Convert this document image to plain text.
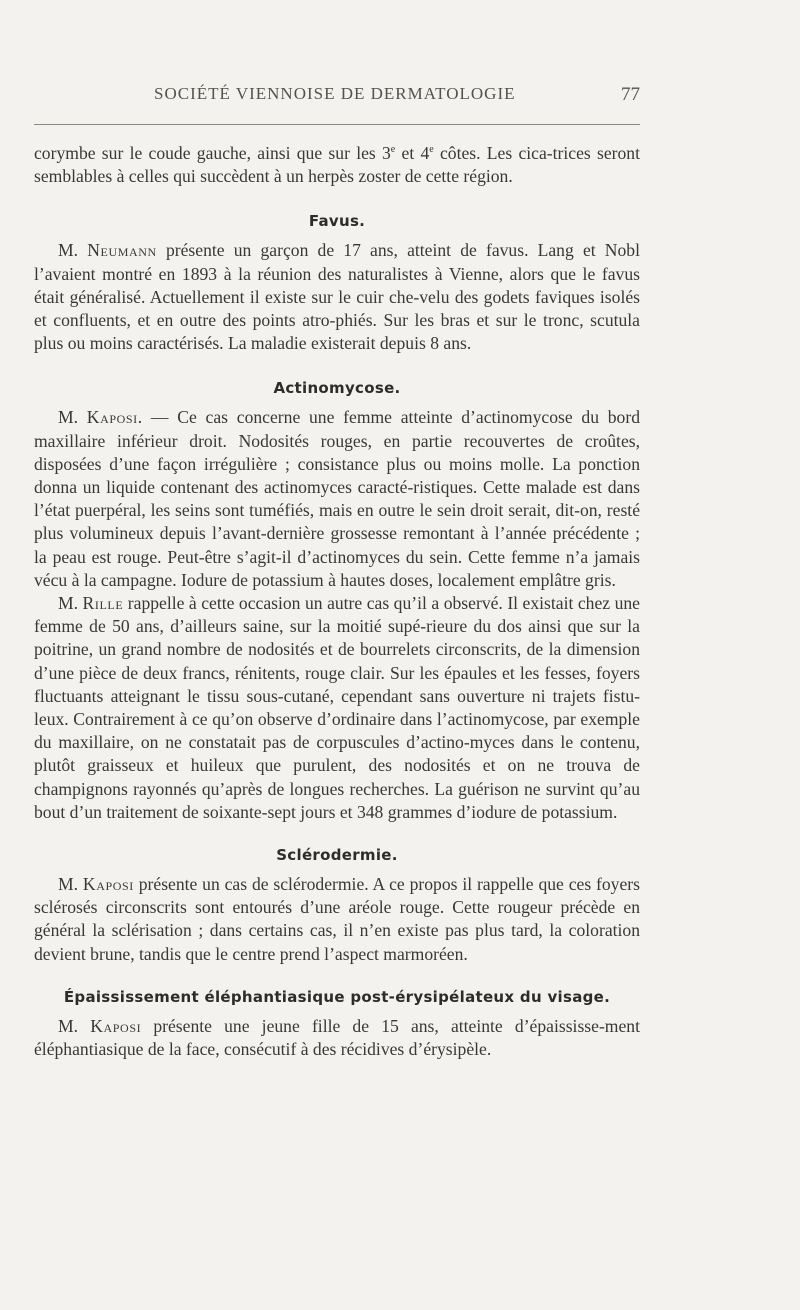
SOCIÉTÉ VIENNOISE DE DERMATOLOGIE	77

corymbe sur le coude gauche, ainsi que sur les 3e et 4e côtes. Les cica-trices seront semblables à celles qui succèdent à un herpès zoster de cette région.

Favus.

M. Neumann présente un garçon de 17 ans, atteint de favus. Lang et Nobl l’avaient montré en 1893 à la réunion des naturalistes à Vienne, alors que le favus était généralisé. Actuellement il existe sur le cuir che-velu des godets faviques isolés et confluents, et en outre des points atro-phiés. Sur les bras et sur le tronc, scutula plus ou moins caractérisés. La maladie existerait depuis 8 ans.

Actinomycose.

M. Kaposi. — Ce cas concerne une femme atteinte d’actinomycose du bord maxillaire inférieur droit. Nodosités rouges, en partie recouvertes de croûtes, disposées d’une façon irrégulière ; consistance plus ou moins molle. La ponction donna un liquide contenant des actinomyces caracté-ristiques. Cette malade est dans l’état puerpéral, les seins sont tuméfiés, mais en outre le sein droit serait, dit-on, resté plus volumineux depuis l’avant-dernière grossesse remontant à l’année précédente ; la peau est rouge. Peut-être s’agit-il d’actinomyces du sein. Cette femme n’a jamais vécu à la campagne. Iodure de potassium à hautes doses, localement emplâtre gris.

M. Rille rappelle à cette occasion un autre cas qu’il a observé. Il existait chez une femme de 50 ans, d’ailleurs saine, sur la moitié supé-rieure du dos ainsi que sur la poitrine, un grand nombre de nodosités et de bourrelets circonscrits, de la dimension d’une pièce de deux francs, rénitents, rouge clair. Sur les épaules et les fesses, foyers fluctuants atteignant le tissu sous-cutané, cependant sans ouverture ni trajets fistu-leux. Contrairement à ce qu’on observe d’ordinaire dans l’actinomycose, par exemple du maxillaire, on ne constatait pas de corpuscules d’actino-myces dans le contenu, plutôt graisseux et huileux que purulent, des nodosités et on ne trouva de champignons rayonnés qu’après de longues recherches. La guérison ne survint qu’au bout d’un traitement de soixante-sept jours et 348 grammes d’iodure de potassium.

Sclérodermie.

M. Kaposi présente un cas de sclérodermie. A ce propos il rappelle que ces foyers sclérosés circonscrits sont entourés d’une aréole rouge. Cette rougeur précède en général la sclérisation ; dans certains cas, il n’en existe pas plus tard, la coloration devient brune, tandis que le centre prend l’aspect marmoréen.

Épaississement éléphantiasique post-érysipélateux du visage.

M. Kaposi présente une jeune fille de 15 ans, atteinte d’épaississe-ment éléphantiasique de la face, consécutif à des récidives d’érysipèle.
